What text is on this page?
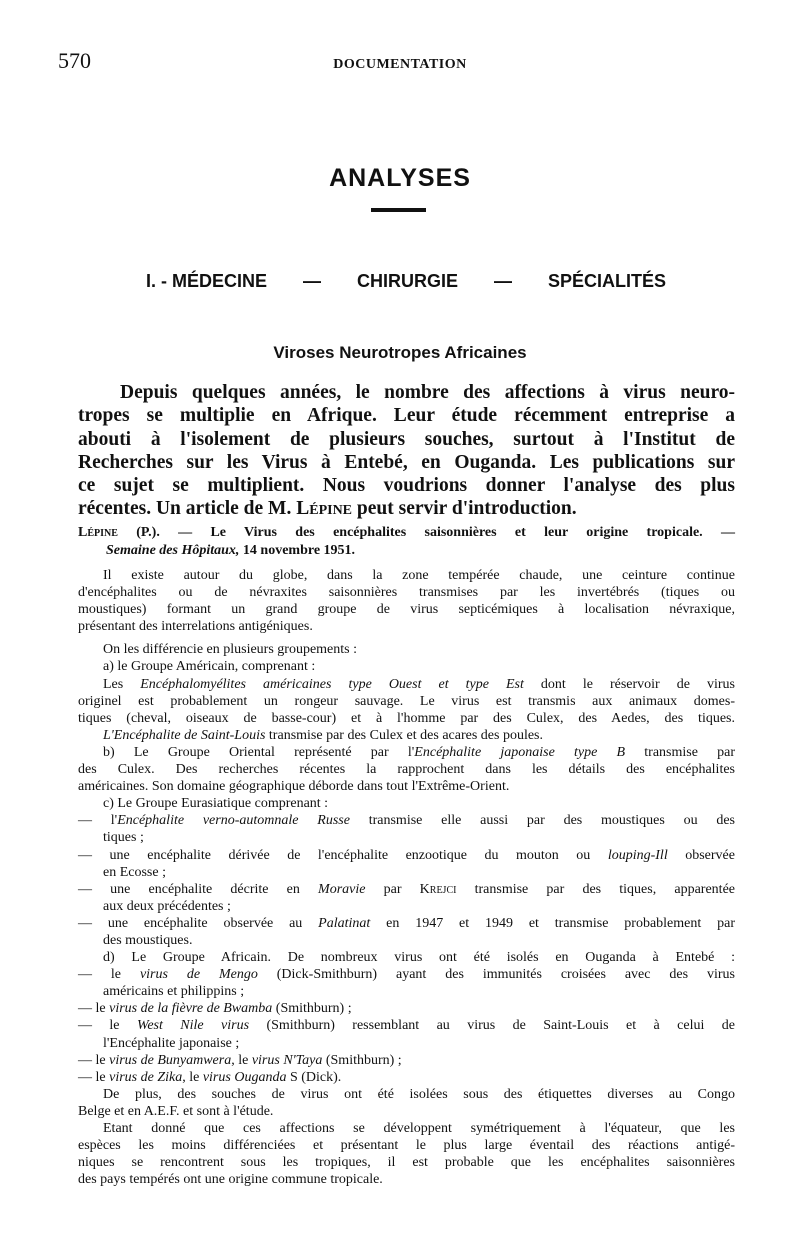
570	DOCUMENTATION
ANALYSES
I. - MÉDECINE — CHIRURGIE — SPÉCIALITÉS
Viroses Neurotropes Africaines
Depuis quelques années, le nombre des affections à virus neuro-
tropes se multiplie en Afrique. Leur étude récemment entreprise a
abouti à l'isolement de plusieurs souches, surtout à l'Institut de
Recherches sur les Virus à Entebé, en Ouganda. Les publications sur
ce sujet se multiplient. Nous voudrions donner l'analyse des plus
récentes. Un article de M. Lépine peut servir d'introduction.
Lépine (P.). — Le Virus des encéphalites saisonnières et leur origine tropicale. —
Semaine des Hôpitaux, 14 novembre 1951.
Il existe autour du globe, dans la zone tempérée chaude, une ceinture continue
d'encéphalites ou de névraxites saisonnières transmises par les invertébrés (tiques ou
moustiques) formant un grand groupe de virus septicémiques à localisation névraxique,
présentant des interrelations antigéniques.
On les différencie en plusieurs groupements :
a) le Groupe Américain, comprenant :
Les Encéphalomyélites américaines type Ouest et type Est dont le réservoir de virus
originel est probablement un rongeur sauvage. Le virus est transmis aux animaux domes-
tiques (cheval, oiseaux de basse-cour) et à l'homme par des Culex, des Aedes, des tiques.
L'Encéphalite de Saint-Louis transmise par des Culex et des acares des poules.
b) Le Groupe Oriental représenté par l'Encéphalite japonaise type B transmise par
des Culex. Des recherches récentes la rapprochent dans les détails des encéphalites
américaines. Son domaine géographique déborde dans tout l'Extrême-Orient.
c) Le Groupe Eurasiatique comprenant :
— l'Encéphalite verno-automnale Russe transmise elle aussi par des moustiques ou des
tiques ;
— une encéphalite dérivée de l'encéphalite enzootique du mouton ou louping-Ill observée
en Ecosse ;
— une encéphalite décrite en Moravie par Krejci transmise par des tiques, apparentée
aux deux précédentes ;
— une encéphalite observée au Palatinat en 1947 et 1949 et transmise probablement par
des moustiques.
d) Le Groupe Africain. De nombreux virus ont été isolés en Ouganda à Entebé :
— le virus de Mengo (Dick-Smithburn) ayant des immunités croisées avec des virus
américains et philippins ;
— le virus de la fièvre de Bwamba (Smithburn) ;
— le West Nile virus (Smithburn) ressemblant au virus de Saint-Louis et à celui de
l'Encéphalite japonaise ;
— le virus de Bunyamwera, le virus N'Taya (Smithburn) ;
— le virus de Zika, le virus Ouganda S (Dick).
De plus, des souches de virus ont été isolées sous des étiquettes diverses au Congo
Belge et en A.E.F. et sont à l'étude.
Etant donné que ces affections se développent symétriquement à l'équateur, que les
espèces les moins différenciées et présentant le plus large éventail des réactions antigé-
niques se rencontrent sous les tropiques, il est probable que les encéphalites saisonnières
des pays tempérés ont une origine commune tropicale.
